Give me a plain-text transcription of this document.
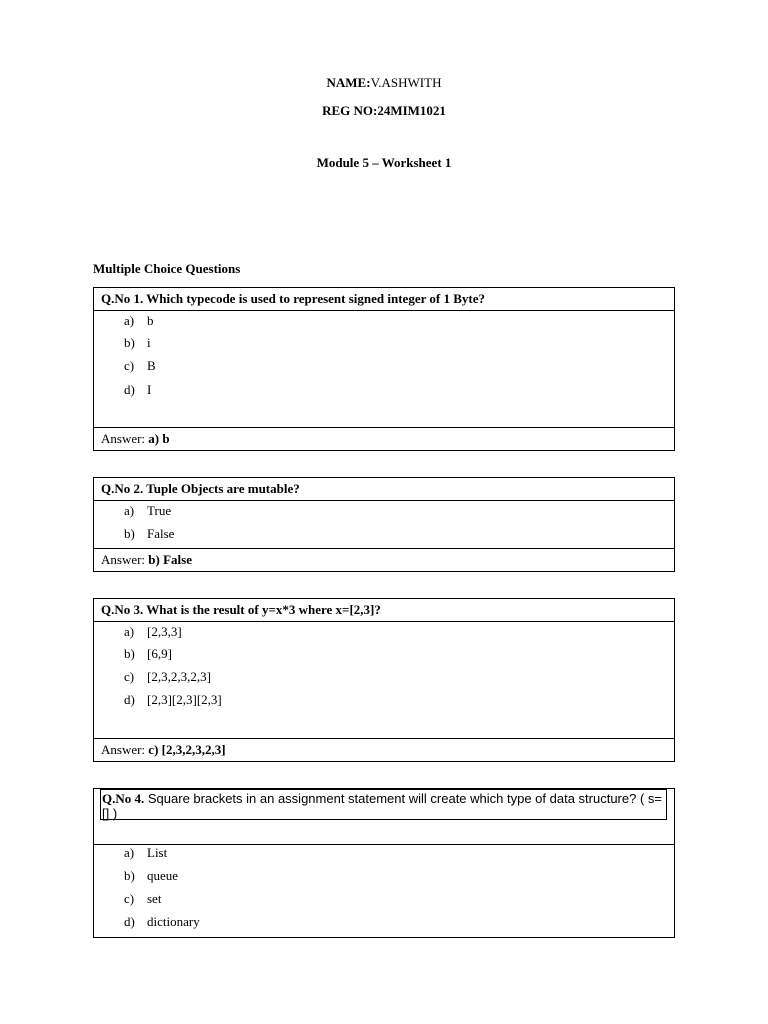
NAME:V.ASHWITH
REG NO:24MIM1021
Module 5 – Worksheet 1
Multiple Choice Questions
Q.No 1. Which typecode is used to represent signed integer of 1 Byte?
a) b
b) i
c) B
d) I
Answer: a) b
Q.No 2. Tuple Objects are mutable?
a) True
b) False
Answer: b) False
Q.No 3. What is the result of y=x*3 where x=[2,3]?
a) [2,3,3]
b) [6,9]
c) [2,3,2,3,2,3]
d) [2,3][2,3][2,3]
Answer: c) [2,3,2,3,2,3]
Q.No 4. Square brackets in an assignment statement will create which type of data structure? ( s=[] )
a) List
b) queue
c) set
d) dictionary
